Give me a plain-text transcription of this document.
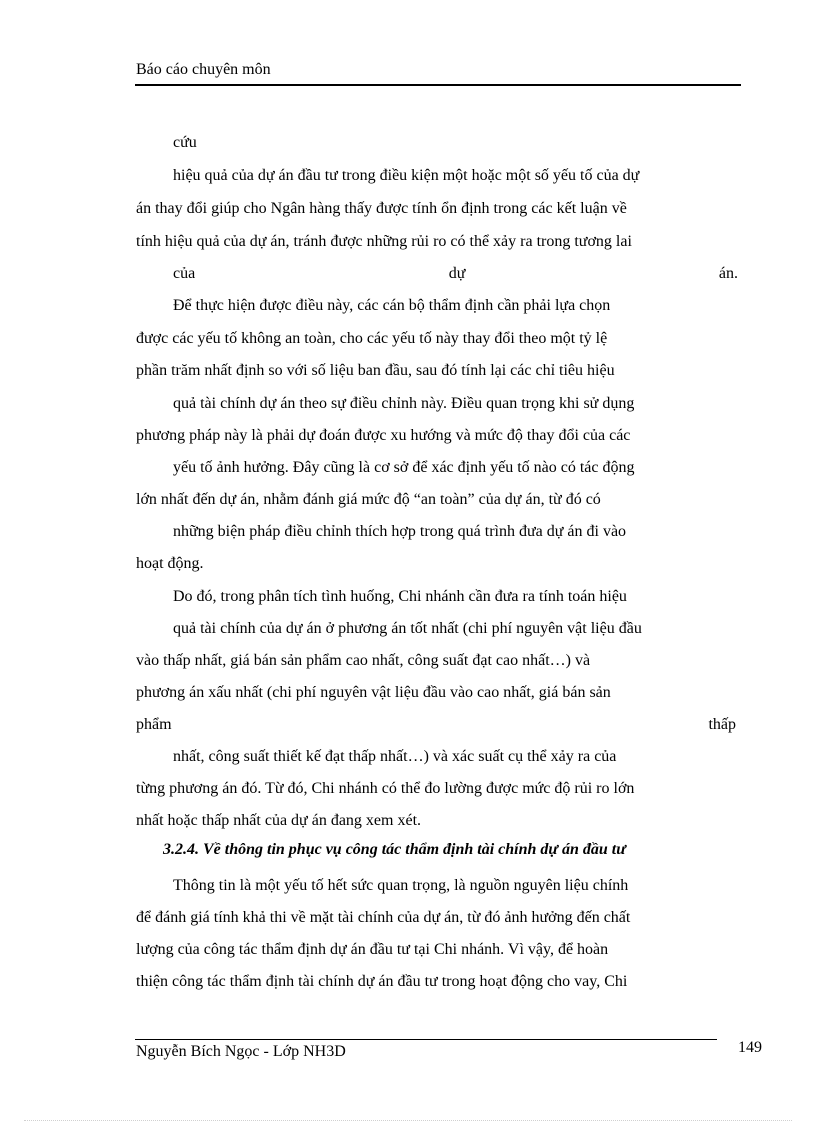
Báo cáo chuyên môn
cứu
hiệu quả của dự án đầu tư trong điều kiện một hoặc một số yếu tố của dự
án thay đổi giúp cho Ngân hàng thấy được tính ổn định trong các kết luận về
tính hiệu quả của dự án, tránh được những rủi ro có thể xảy ra trong tương lai
của	dự	án.
Để thực hiện được điều này, các cán bộ thẩm định cần phải lựa chọn
được các yếu tố không an toàn, cho các yếu tố này thay đổi theo một tỷ lệ
phần trăm nhất định so với số liệu ban đầu, sau đó tính lại các chỉ tiêu hiệu
quả tài chính dự án theo sự điều chỉnh này. Điều quan trọng khi sử dụng
phương pháp này là phải dự đoán được xu hướng và mức độ thay đổi của các
yếu tố ảnh hưởng. Đây cũng là cơ sở để xác định yếu tố nào có tác động
lớn nhất đến dự án, nhằm đánh giá mức độ “an toàn” của dự án, từ đó có
những biện pháp điều chỉnh thích hợp trong quá trình đưa dự án đi vào
hoạt động.
Do đó, trong phân tích tình huống, Chi nhánh cần đưa ra tính toán hiệu
quả tài chính của dự án ở phương án tốt nhất (chi phí nguyên vật liệu đầu
vào thấp nhất, giá bán sản phẩm cao nhất, công suất đạt cao nhất…) và
phương án xấu nhất (chi phí nguyên vật liệu đầu vào cao nhất, giá bán sản
phẩm	thấp
nhất, công suất thiết kế đạt thấp nhất…) và xác suất cụ thể xảy ra của
từng phương án đó. Từ đó, Chi nhánh có thể đo lường được mức độ rủi ro lớn
nhất hoặc thấp nhất của dự án đang xem xét.
3.2.4. Về thông tin phục vụ công tác thẩm định tài chính dự án đầu tư
Thông tin là một yếu tố hết sức quan trọng, là nguồn nguyên liệu chính
để đánh giá tính khả thi về mặt tài chính của dự án, từ đó ảnh hưởng đến chất
lượng của công tác thẩm định dự án đầu tư tại Chi nhánh. Vì vậy, để hoàn
thiện công tác thẩm định tài chính dự án đầu tư trong hoạt động cho vay, Chi
Nguyễn Bích Ngọc - Lớp NH3D	149
